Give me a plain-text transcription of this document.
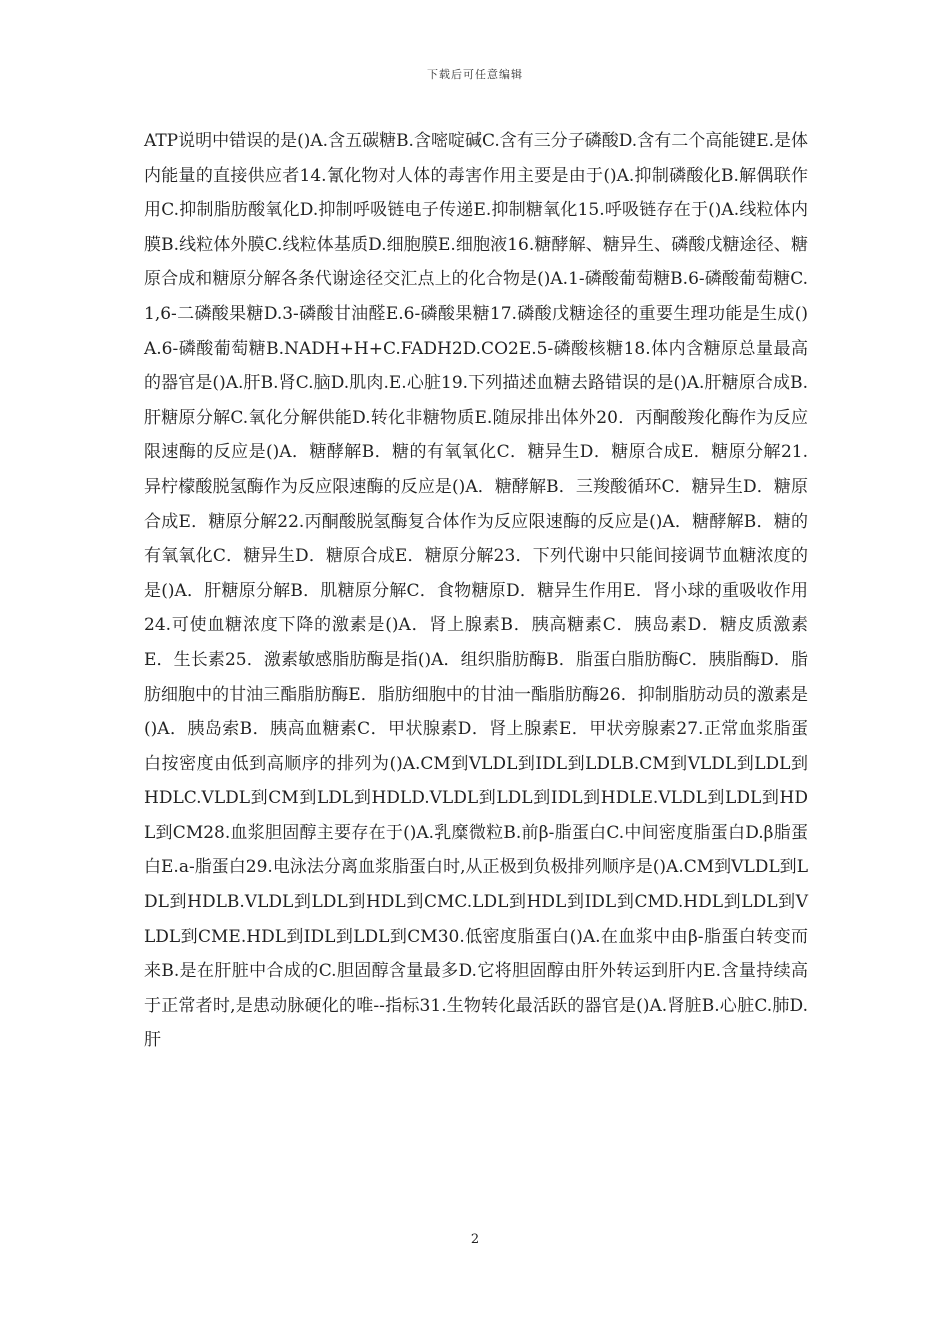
下载后可任意编辑

ATP说明中错误的是()A.含五碳糖B.含嘧啶碱C.含有三分子磷酸D.含有二个高能键E.是体内能量的直接供应者14.氰化物对人体的毒害作用主要是由于()A.抑制磷酸化B.解偶联作用C.抑制脂肪酸氧化D.抑制呼吸链电子传递E.抑制糖氧化15.呼吸链存在于()A.线粒体内膜B.线粒体外膜C.线粒体基质D.细胞膜E.细胞液16.糖酵解、糖异生、磷酸戊糖途径、糖原合成和糖原分解各条代谢途径交汇点上的化合物是()A.1-磷酸葡萄糖B.6-磷酸葡萄糖C.1,6-二磷酸果糖D.3-磷酸甘油醛E.6-磷酸果糖17.磷酸戊糖途径的重要生理功能是生成()A.6-磷酸葡萄糖B.NADH+H+C.FADH2D.CO2E.5-磷酸核糖18.体内含糖原总量最高的器官是()A.肝B.肾C.脑D.肌肉.E.心脏19.下列描述血糖去路错误的是()A.肝糖原合成B.肝糖原分解C.氧化分解供能D.转化非糖物质E.随尿排出体外20．丙酮酸羧化酶作为反应限速酶的反应是()A．糖酵解B．糖的有氧氧化C．糖异生D．糖原合成E．糖原分解21.异柠檬酸脱氢酶作为反应限速酶的反应是()A．糖酵解B．三羧酸循环C．糖异生D．糖原合成E．糖原分解22.丙酮酸脱氢酶复合体作为反应限速酶的反应是()A．糖酵解B．糖的有氧氧化C．糖异生D．糖原合成E．糖原分解23．下列代谢中只能间接调节血糖浓度的是()A．肝糖原分解B．肌糖原分解C．食物糖原D．糖异生作用E．肾小球的重吸收作用24.可使血糖浓度下降的激素是()A．肾上腺素B．胰高糖素C．胰岛素D．糖皮质激素E．生长素25．激素敏感脂肪酶是指()A．组织脂肪酶B．脂蛋白脂肪酶C．胰脂酶D．脂肪细胞中的甘油三酯脂肪酶E．脂肪细胞中的甘油一酯脂肪酶26．抑制脂肪动员的激素是()A．胰岛索B．胰高血糖素C．甲状腺素D．肾上腺素E．甲状旁腺素27.正常血浆脂蛋白按密度由低到高顺序的排列为()A.CM到VLDL到IDL到LDLB.CM到VLDL到LDL到HDLC.VLDL到CM到LDL到HDLD.VLDL到LDL到IDL到HDLE.VLDL到LDL到HDL到CM28.血浆胆固醇主要存在于()A.乳糜微粒B.前β-脂蛋白C.中间密度脂蛋白D.β脂蛋白E.a-脂蛋白29.电泳法分离血浆脂蛋白时,从正极到负极排列顺序是()A.CM到VLDL到LDL到HDLB.VLDL到LDL到HDL到CMC.LDL到HDL到IDL到CMD.HDL到LDL到VLDL到CME.HDL到IDL到LDL到CM30.低密度脂蛋白()A.在血浆中由β-脂蛋白转变而来B.是在肝脏中合成的C.胆固醇含量最多D.它将胆固醇由肝外转运到肝内E.含量持续高于正常者时,是患动脉硬化的唯--指标31.生物转化最活跃的器官是()A.肾脏B.心脏C.肺D.肝

2
